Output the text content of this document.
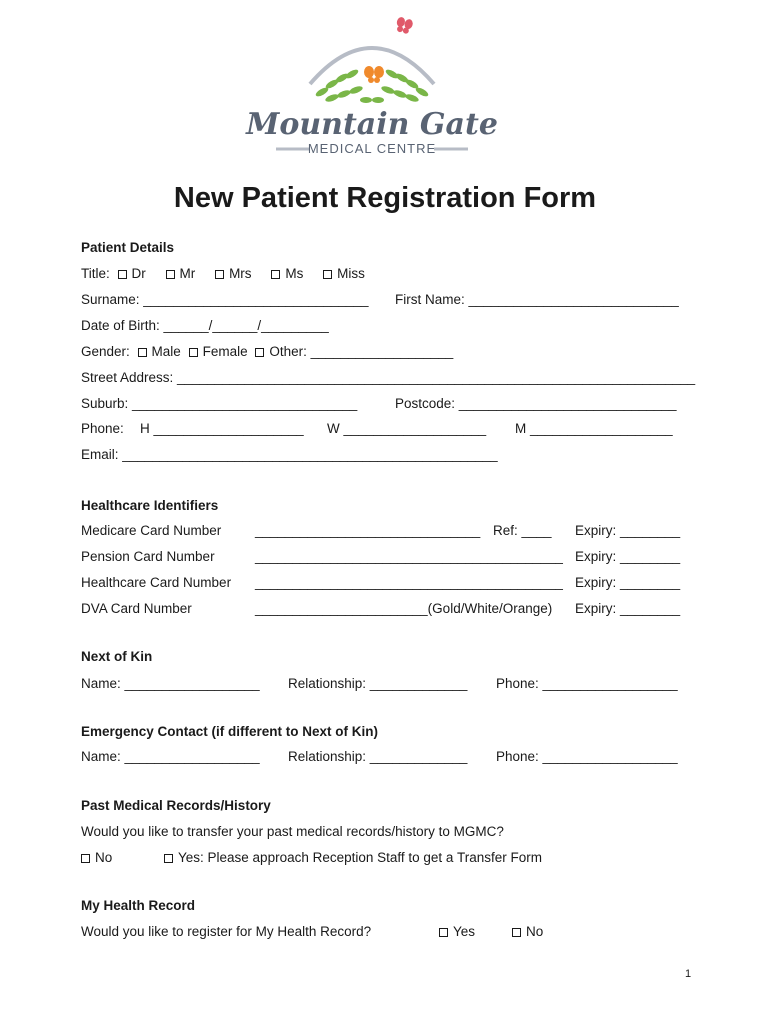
Mountain Gate
MEDICAL CENTRE
New Patient Registration Form
Patient Details
Title: Dr	Mr	Mrs	Ms	Miss
Surname: ______________________________ First Name: ____________________________
Date of Birth: ______/______/_________
Gender: Male Female Other: ___________________
Street Address: _____________________________________________________________________
Suburb: ______________________________	Postcode: _____________________________
Phone: H ____________________ W ___________________ M ___________________
Email: __________________________________________________
Healthcare Identifiers
Medicare Card Number ______________________________ Ref: ____ Expiry: ________
Pension Card Number	_________________________________________ Expiry: ________
Healthcare Card Number _________________________________________ Expiry: ________
DVA Card Number	_______________________(Gold/White/Orange) Expiry: ________
Next of Kin
Name: __________________ Relationship: _____________ Phone: __________________
Emergency Contact (if different to Next of Kin)
Name: __________________ Relationship: _____________ Phone: __________________
Past Medical Records/History
Would you like to transfer your past medical records/history to MGMC?
No	Yes: Please approach Reception Staff to get a Transfer Form
My Health Record
Would you like to register for My Health Record?	Yes	No
1
